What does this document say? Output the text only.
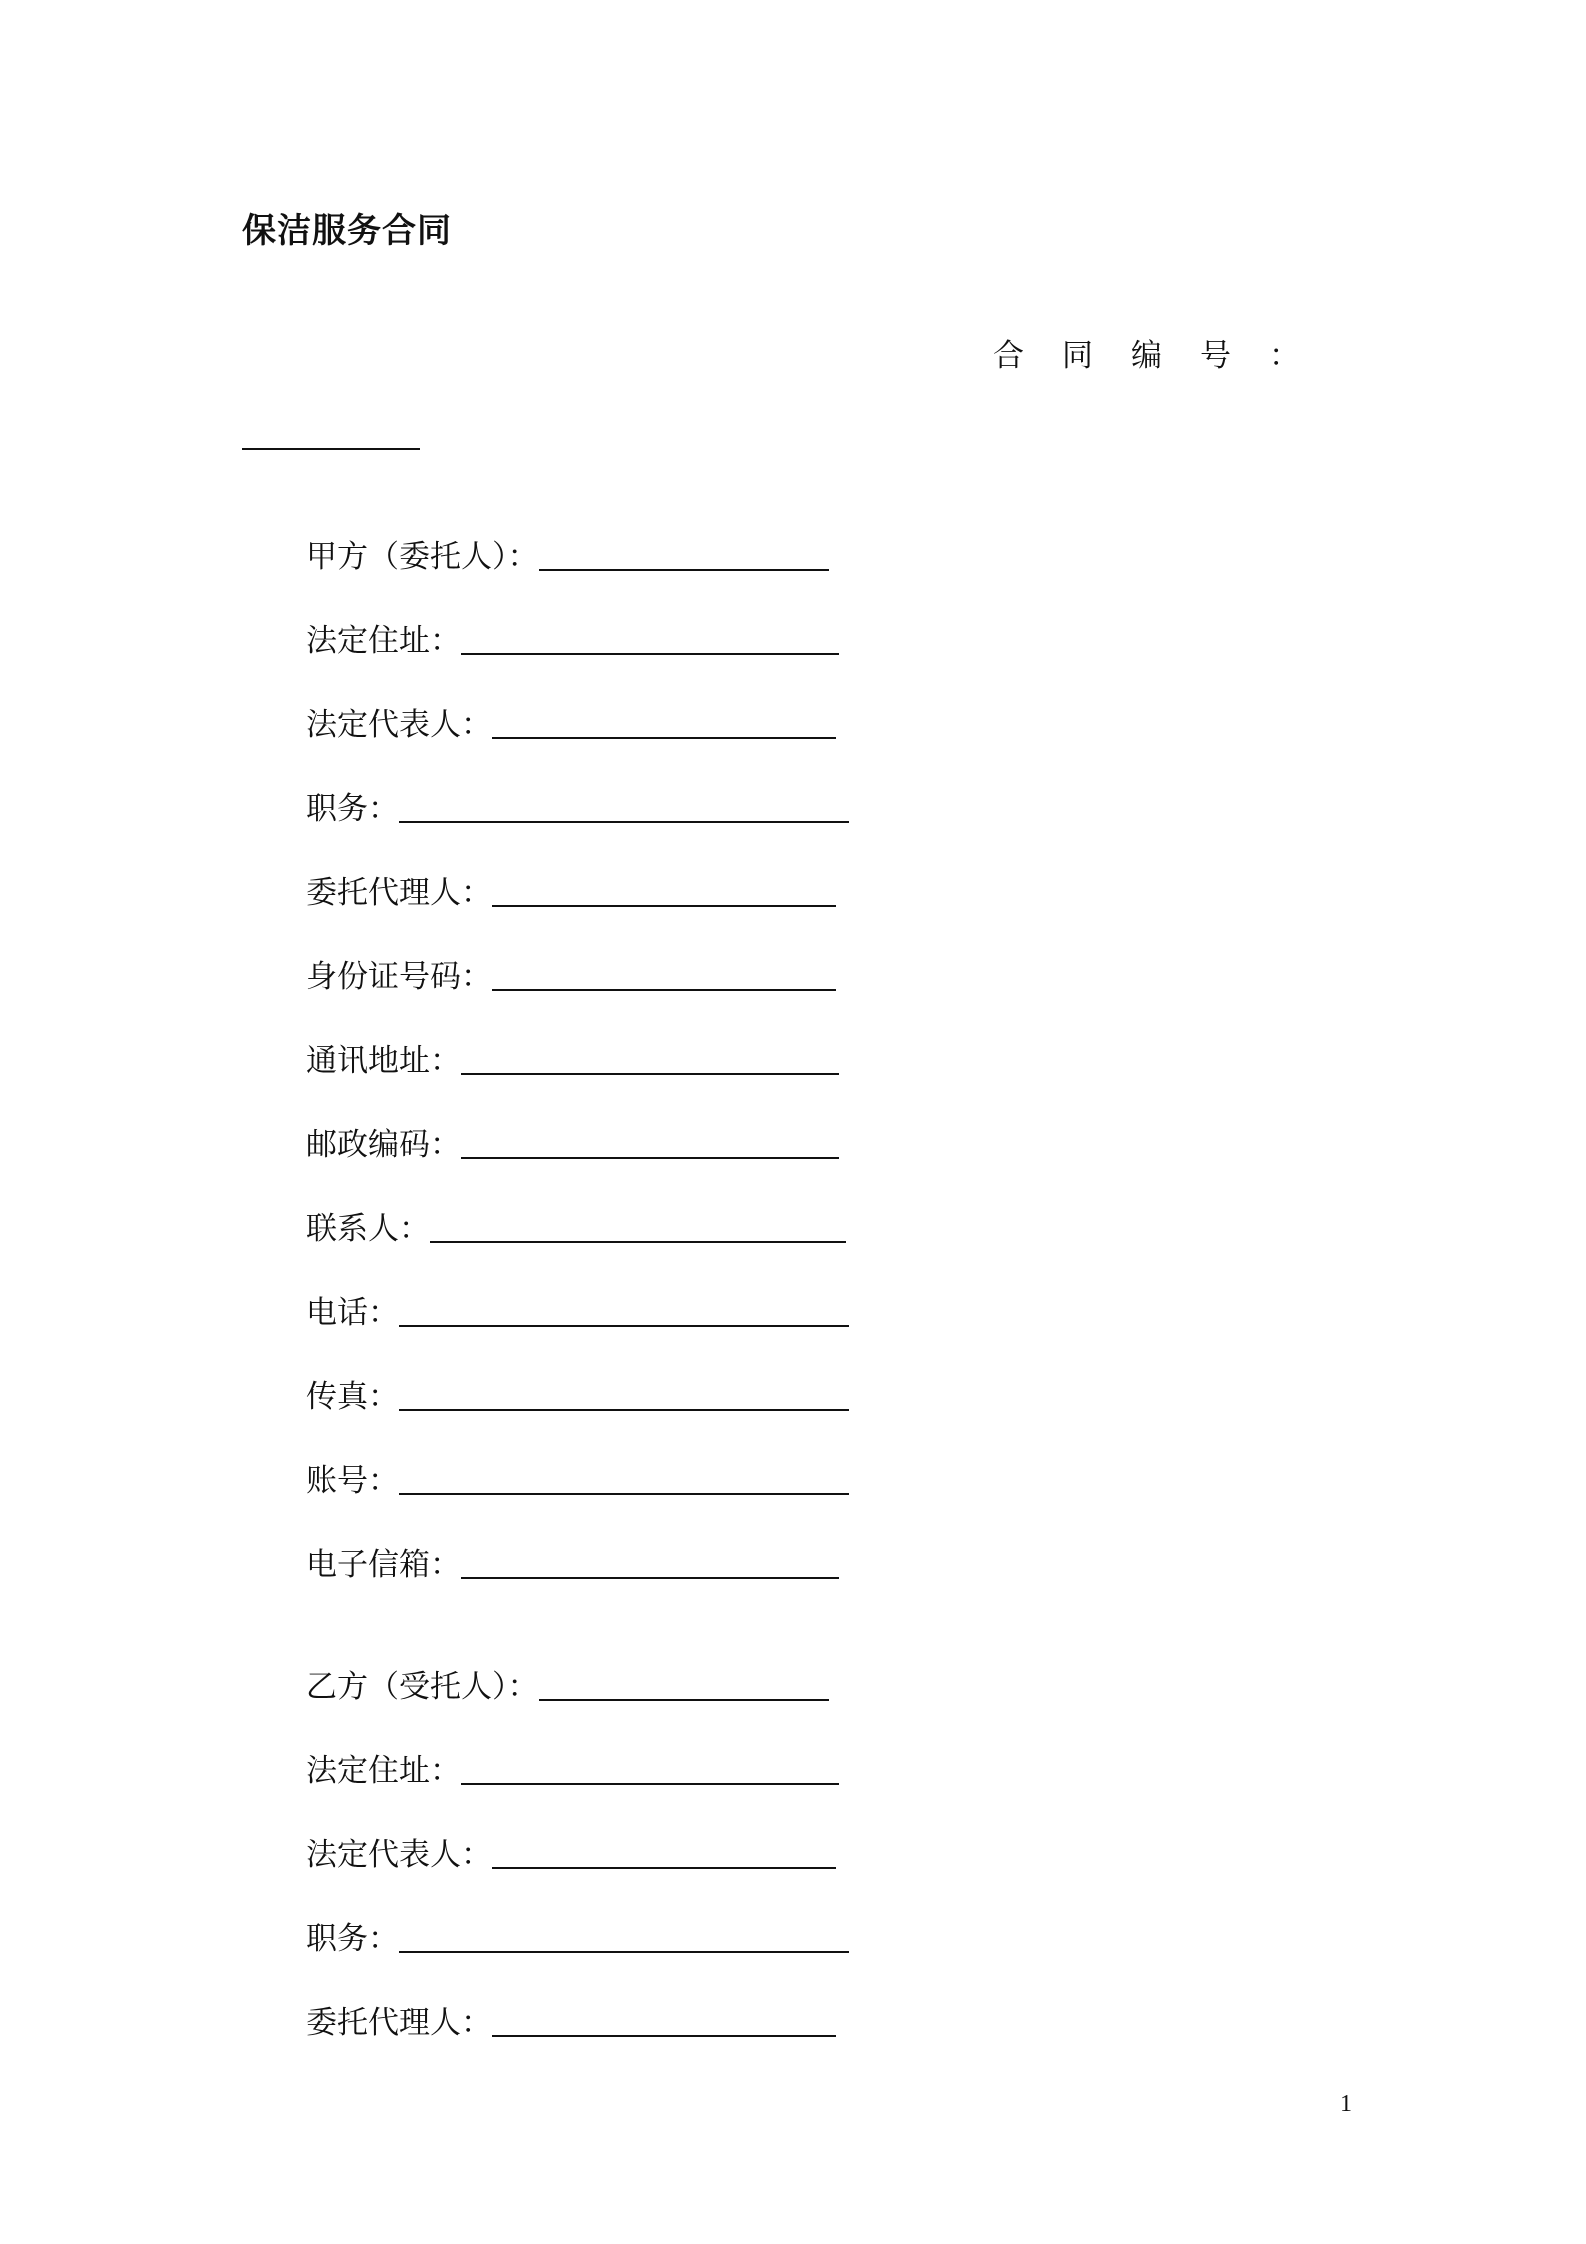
保洁服务合同
合同编号：
甲方（委托人）：
法定住址：
法定代表人：
职务：
委托代理人：
身份证号码：
通讯地址：
邮政编码：
联系人：
电话：
传真：
账号：
电子信箱：
乙方（受托人）：
法定住址：
法定代表人：
职务：
委托代理人：
1
